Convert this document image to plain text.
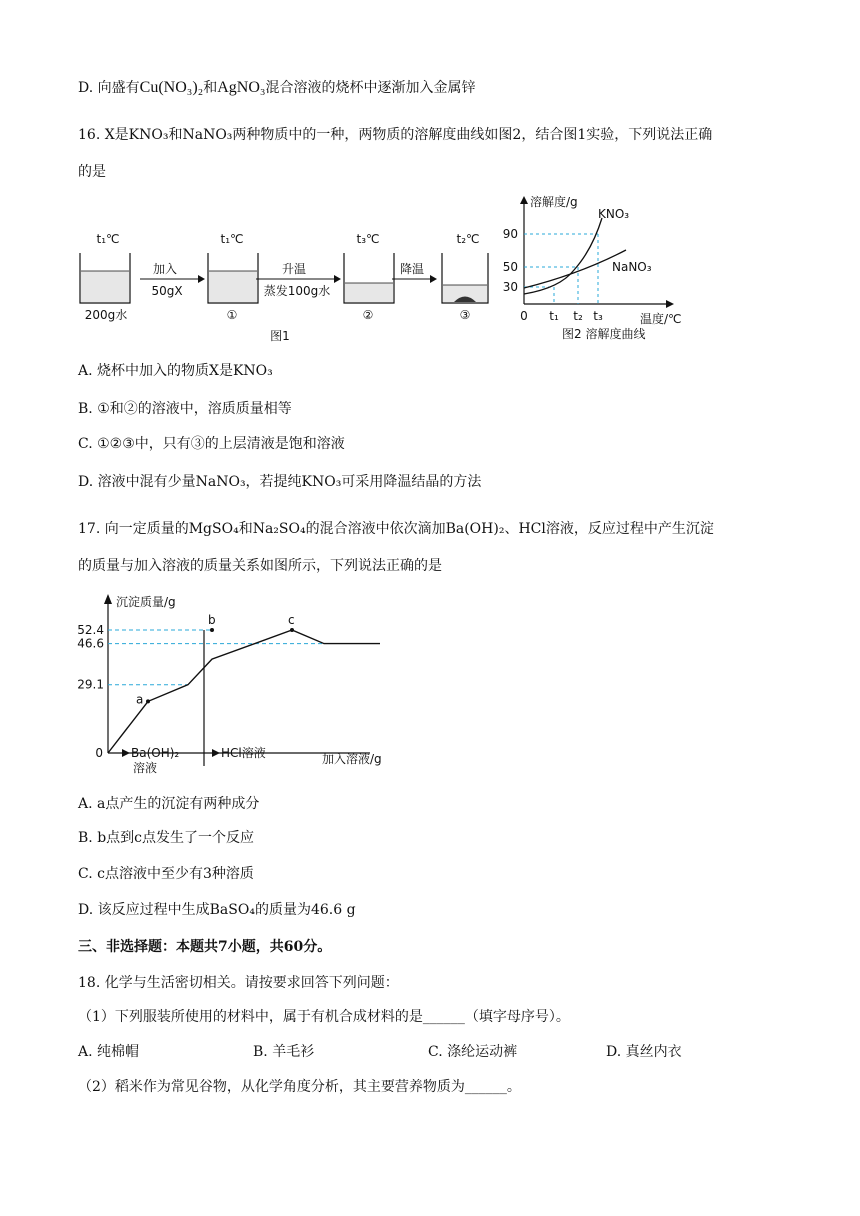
D. 向盛有Cu(NO₃)₂和AgNO₃混合溶液的烧杯中逐渐加入金属锌
16. X是KNO₃和NaNO₃两种物质中的一种，两物质的溶解度曲线如图2，结合图1实验，下列说法正确
的是
t₁℃
200g水
加入
50gX
t₁℃
①
升温
蒸发100g水
t₃℃
②
降温
t₂℃
③
图1
溶解度/g
温度/℃
90
50
30
0 t₁ t₂ t₃
KNO₃
NaNO₃
图2 溶解度曲线
A. 烧杯中加入的物质X是KNO₃
B. ①和②的溶液中，溶质质量相等
C. ①②③中，只有③的上层清液是饱和溶液
D. 溶液中混有少量NaNO₃，若提纯KNO₃可采用降温结晶的方法
17. 向一定质量的MgSO₄和Na₂SO₄的混合溶液中依次滴加Ba(OH)₂、HCl溶液，反应过程中产生沉淀
的质量与加入溶液的质量关系如图所示，下列说法正确的是
沉淀质量/g
加入溶液/g
0 Ba(OH)₂
溶液
HCl溶液
52.4
46.6
29.1
a
b	c
A. a点产生的沉淀有两种成分
B. b点到c点发生了一个反应
C. c点溶液中至少有3种溶质
D. 该反应过程中生成BaSO₄的质量为46.6 g
三、非选择题：本题共7小题，共60分。
18. 化学与生活密切相关。请按要求回答下列问题：
（1）下列服装所使用的材料中，属于有机合成材料的是______（填字母序号）。
A. 纯棉帽	B. 羊毛衫	C. 涤纶运动裤	D. 真丝内衣
（2）稻米作为常见谷物，从化学角度分析，其主要营养物质为______。
